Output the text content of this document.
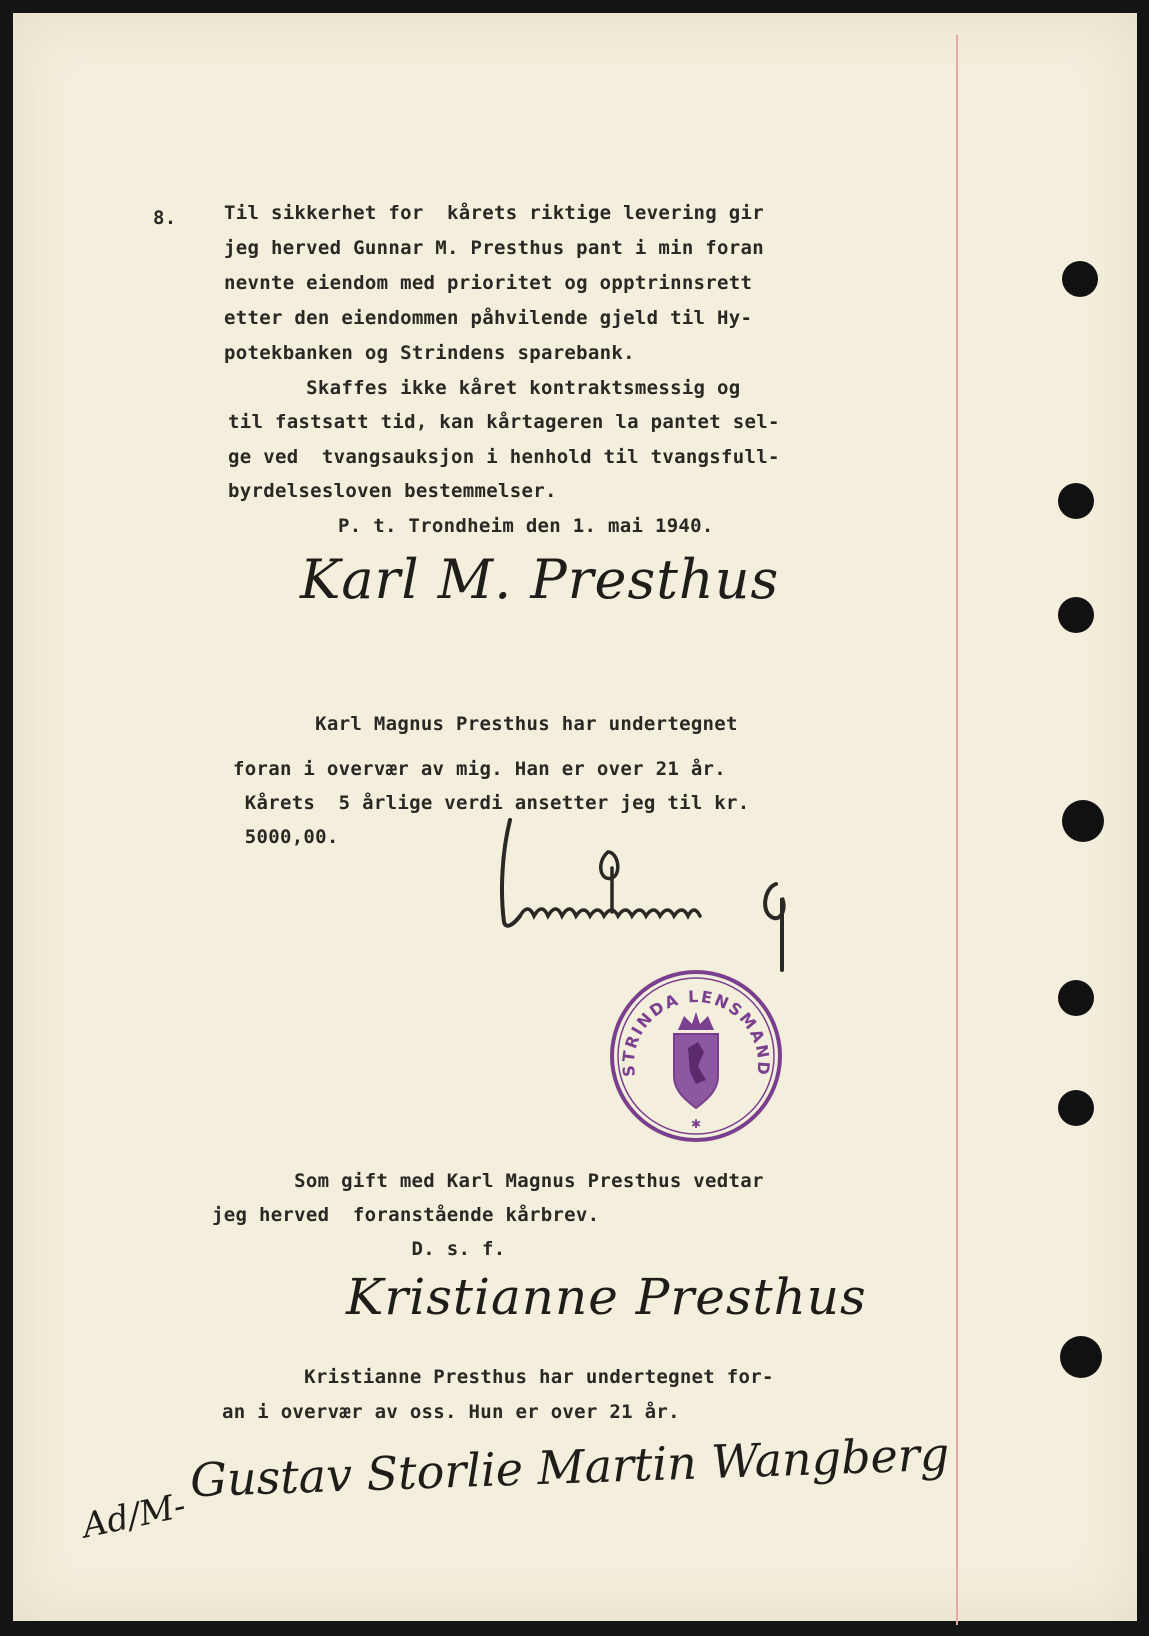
8.	Til sikkerhet for  kårets riktige levering gir

jeg herved Gunnar M. Presthus pant i min foran

nevnte eiendom med prioritet og opptrinnsrett

etter den eiendommen påhvilende gjeld til Hy-

potekbanken og Strindens sparebank.

Skaffes ikke kåret kontraktsmessig og

til fastsatt tid, kan kårtageren la pantet sel-

ge ved  tvangsauksjon i henhold til tvangsfull-

byrdelsesloven bestemmelser.

P. t. Trondheim den 1. mai 1940.

Karl M. Presthus

Karl Magnus Presthus har undertegnet

foran i overvær av mig. Han er over 21 år.

Kårets  5 årlige verdi ansetter jeg til kr.

5000,00.

STRINDA LENSMAND
✱

Som gift med Karl Magnus Presthus vedtar

jeg herved  foranstående kårbrev.

D. s. f.

Kristianne Presthus

Kristianne Presthus har undertegnet for-

an i overvær av oss. Hun er over 21 år.

Ad/M-
Gustav Storlie Martin Wangberg
